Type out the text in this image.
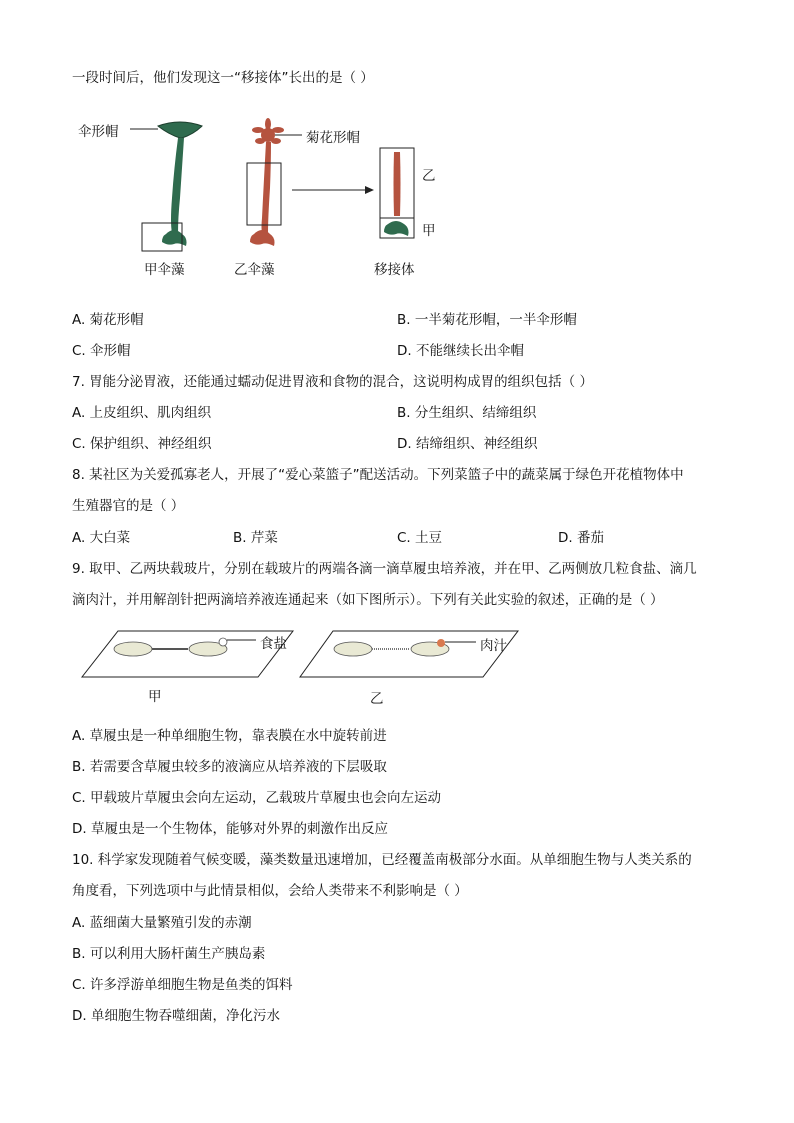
一段时间后，他们发现这一“移接体”长出的是（ ）
伞形帽	菊花形帽
甲伞藻	乙伞藻	移接体
乙
甲
A. 菊花形帽	B. 一半菊花形帽，一半伞形帽
C. 伞形帽	D. 不能继续长出伞帽
7. 胃能分泌胃液，还能通过蠕动促进胃液和食物的混合，这说明构成胃的组织包括（ ）
A. 上皮组织、肌肉组织	B. 分生组织、结缔组织
C. 保护组织、神经组织	D. 结缔组织、神经组织
8. 某社区为关爱孤寡老人，开展了“爱心菜篮子”配送活动。下列菜篮子中的蔬菜属于绿色开花植物体中
生殖器官的是（ ）
A. 大白菜	B. 芹菜	C. 土豆	D. 番茄
9. 取甲、乙两块载玻片，分别在载玻片的两端各滴一滴草履虫培养液，并在甲、乙两侧放几粒食盐、滴几
滴肉汁，并用解剖针把两滴培养液连通起来（如下图所示）。下列有关此实验的叙述，正确的是（ ）
食盐	肉汁
甲	乙
A. 草履虫是一种单细胞生物，靠表膜在水中旋转前进
B. 若需要含草履虫较多的液滴应从培养液的下层吸取
C. 甲载玻片草履虫会向左运动，乙载玻片草履虫也会向左运动
D. 草履虫是一个生物体，能够对外界的刺激作出反应
10. 科学家发现随着气候变暖，藻类数量迅速增加，已经覆盖南极部分水面。从单细胞生物与人类关系的
角度看，下列选项中与此情景相似，会给人类带来不利影响是（ ）
A. 蓝细菌大量繁殖引发的赤潮
B. 可以利用大肠杆菌生产胰岛素
C. 许多浮游单细胞生物是鱼类的饵料
D. 单细胞生物吞噬细菌，净化污水
